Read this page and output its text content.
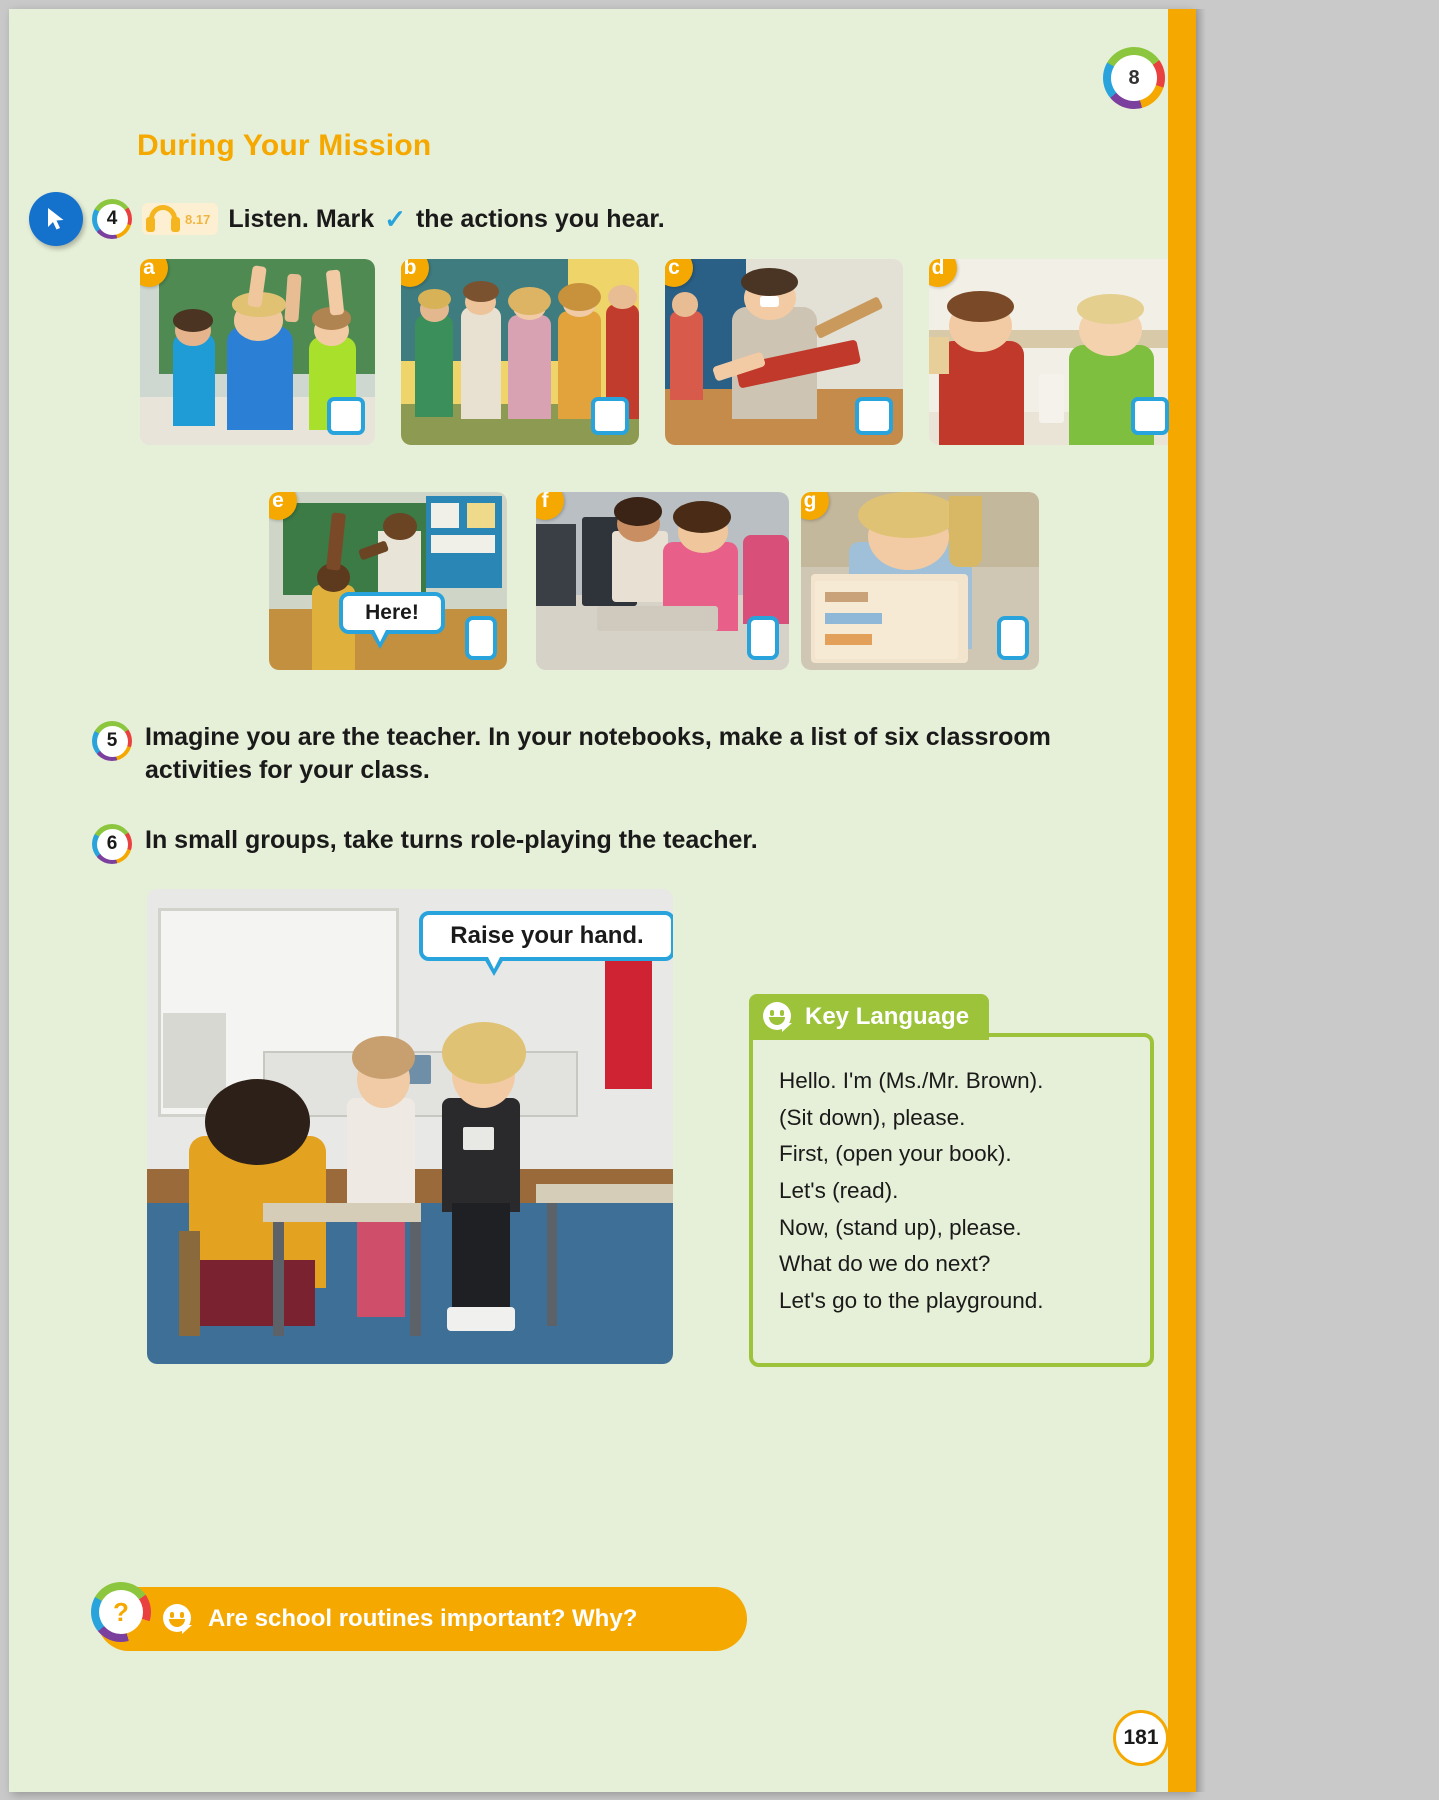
8
During Your Mission
4	8.17 Listen. Mark ✓ the actions you hear.
a	b	c	d
e
Here!
f	g
5	Imagine you are the teacher. In your notebooks, make a list of six classroom activities for your class.
6	In small groups, take turns role-playing the teacher.
Raise your hand.
Key Language
Hello. I'm (Ms./Mr. Brown).
(Sit down), please.
First, (open your book).
Let's (read).
Now, (stand up), please.
What do we do next?
Let's go to the playground.
Are school routines important? Why?
?
181
